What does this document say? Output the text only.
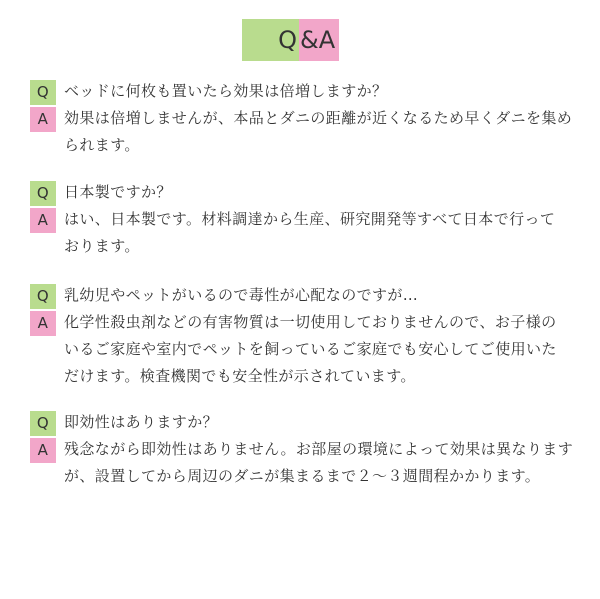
Q &A
Q ベッドに何枚も置いたら効果は倍増しますか？
A	効果は倍増しませんが、本品とダニの距離が近くなるため早くダニを集め
られます。
Q 日本製ですか？
A	はい、日本製です。材料調達から生産、研究開発等すべて日本で行って
おります。
Q 乳幼児やペットがいるので毒性が心配なのですが…
A	化学性殺虫剤などの有害物質は一切使用しておりませんので、お子様の
いるご家庭や室内でペットを飼っているご家庭でも安心してご使用いた
だけます。検査機関でも安全性が示されています。
Q 即効性はありますか？
A	残念ながら即効性はありません。お部屋の環境によって効果は異なります
が、設置してから周辺のダニが集まるまで２～３週間程かかります。
